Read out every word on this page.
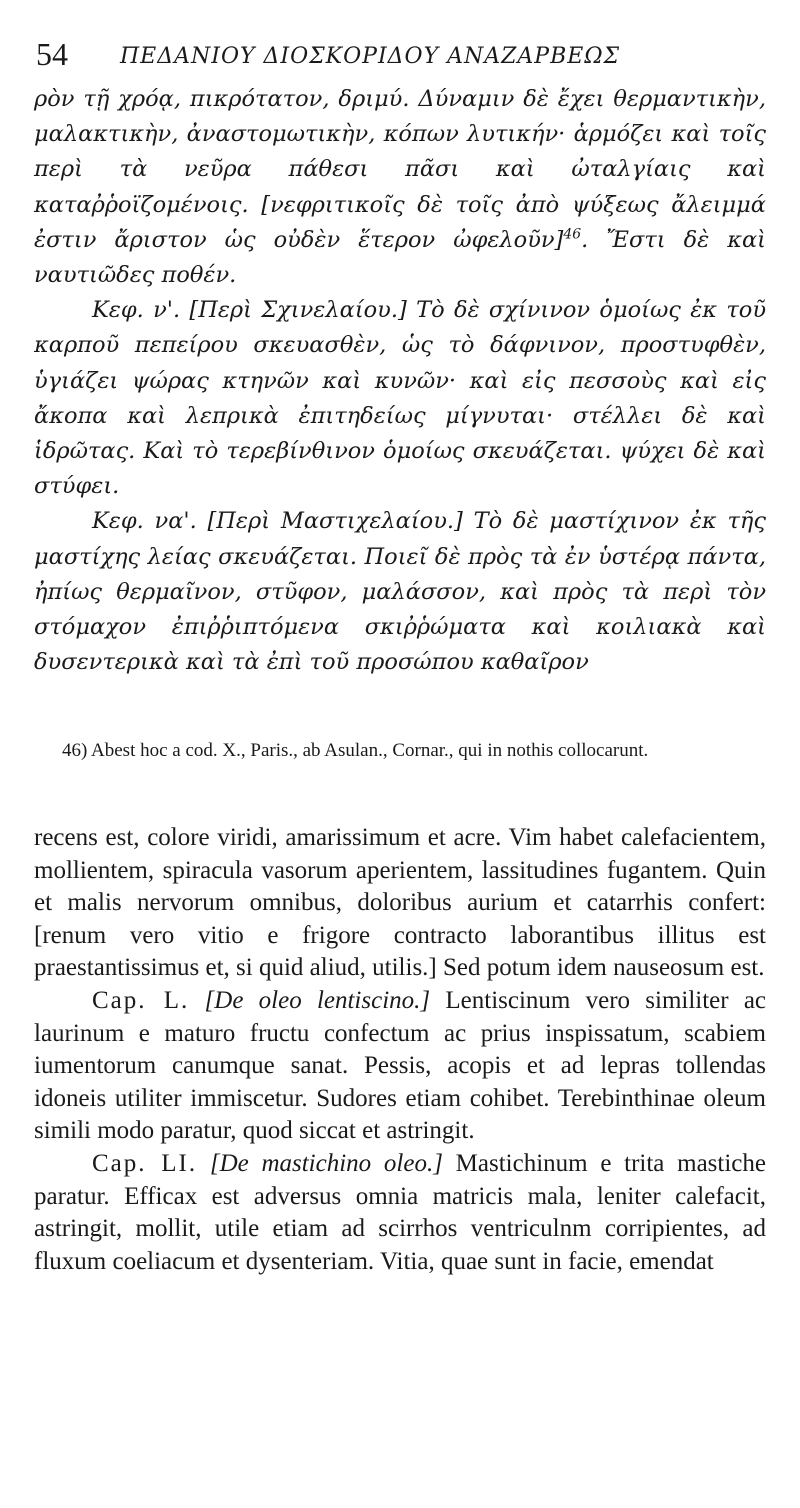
54 ΠΕΔΑΝΙΟΥ ΔΙΟΣΚΟΡΙΔΟΥ ΑΝΑΖΑΡΒΕΩΣ

ρὸν τῇ χρόᾳ, πικρότατον, δριμύ. Δύναμιν δὲ ἔχει θερμαντικὴν, μαλακτικὴν, ἀναστομωτικὴν, κόπων λυτικήν· ἁρμόζει καὶ τοῖς περὶ τὰ νεῦρα πάθεσι πᾶσι καὶ ὠταλγίαις καὶ καταῤῥοϊζομένοις. [νεφριτικοῖς δὲ τοῖς ἀπὸ ψύξεως ἄλειμμά ἐστιν ἄριστον ὡς οὐδὲν ἕτερον ὠφελοῦν]$^{46}$. Ἔστι δὲ καὶ ναυτιῶδες ποθέν.

Κεφ. ν'. [Περὶ Σχινελαίου.] Τὸ δὲ σχίνινον ὁμοίως ἐκ τοῦ καρποῦ πεπείρου σκευασθὲν, ὡς τὸ δάφνινον, προστυφθὲν, ὑγιάζει ψώρας κτηνῶν καὶ κυνῶν· καὶ εἰς πεσσοὺς καὶ εἰς ἄκοπα καὶ λεπρικὰ ἐπιτηδείως μίγνυται· στέλλει δὲ καὶ ἱδρῶτας. Καὶ τὸ τερεβίνθινον ὁμοίως σκευάζεται. ψύχει δὲ καὶ στύφει.

Κεφ. να'. [Περὶ Μαστιχελαίου.] Τὸ δὲ μαστίχινον ἐκ τῆς μαστίχης λείας σκευάζεται. Ποιεῖ δὲ πρὸς τὰ ἐν ὑστέρᾳ πάντα, ἠπίως θερμαῖνον, στῦφον, μαλάσσον, καὶ πρὸς τὰ περὶ τὸν στόμαχον ἐπιῤῥιπτόμενα σκιῤῥώματα καὶ κοιλιακὰ καὶ δυσεντερικὰ καὶ τὰ ἐπὶ τοῦ προσώπου καθαῖρον

46) Abest hoc a cod. X., Paris., ab Asulan., Cornar., qui in nothis collocarunt.

recens est, colore viridi, amarissimum et acre. Vim habet calefacientem, mollientem, spiracula vasorum aperientem, lassitudines fugantem. Quin et malis nervorum omnibus, doloribus aurium et catarrhis confert: [renum vero vitio e frigore contracto laborantibus illitus est praestantissimus et, si quid aliud, utilis.] Sed potum idem nauseosum est.

Cap. L. [De oleo lentiscino.] Lentiscinum vero similiter ac laurinum e maturo fructu confectum ac prius inspissatum, scabiem iumentorum canumque sanat. Pessis, acopis et ad lepras tollendas idoneis utiliter immiscetur. Sudores etiam cohibet. Terebinthinae oleum simili modo paratur, quod siccat et astringit.

Cap. LI. [De mastichino oleo.] Mastichinum e trita mastiche paratur. Efficax est adversus omnia matricis mala, leniter calefacit, astringit, mollit, utile etiam ad scirrhos ventriculnm corripientes, ad fluxum coeliacum et dysenteriam. Vitia, quae sunt in facie, emendat
